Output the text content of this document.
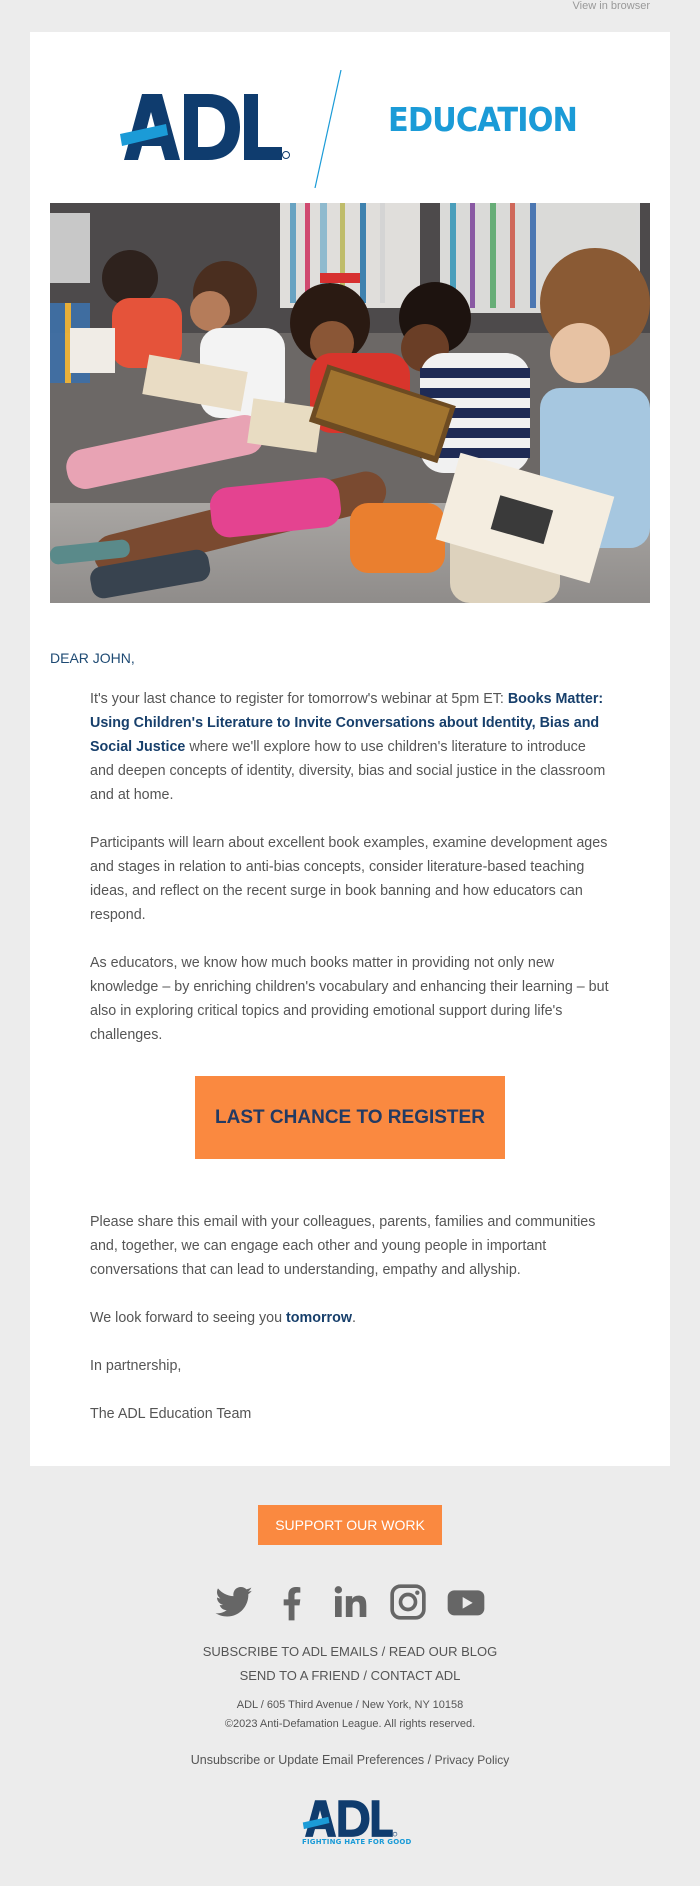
View in browser
EDUCATION
DEAR JOHN,

It's your last chance to register for tomorrow's webinar at 5pm ET: Books Matter: Using Children's Literature to Invite Conversations about Identity, Bias and Social Justice where we'll explore how to use children's literature to introduce and deepen concepts of identity, diversity, bias and social justice in the classroom and at home.

Participants will learn about excellent book examples, examine development ages and stages in relation to anti-bias concepts, consider literature-based teaching ideas, and reflect on the recent surge in book banning and how educators can respond.

As educators, we know how much books matter in providing not only new knowledge – by enriching children's vocabulary and enhancing their learning – but also in exploring critical topics and providing emotional support during life's challenges.

LAST CHANCE TO REGISTER

Please share this email with your colleagues, parents, families and communities and, together, we can engage each other and young people in important conversations that can lead to understanding, empathy and allyship.

We look forward to seeing you tomorrow.

In partnership,

The ADL Education Team

SUPPORT OUR WORK
SUBSCRIBE TO ADL EMAILS / READ OUR BLOG
SEND TO A FRIEND / CONTACT ADL
ADL / 605 Third Avenue / New York, NY 10158
©2023 Anti-Defamation League. All rights reserved.
Unsubscribe or Update Email Preferences / Privacy Policy
FIGHTING HATE FOR GOOD
